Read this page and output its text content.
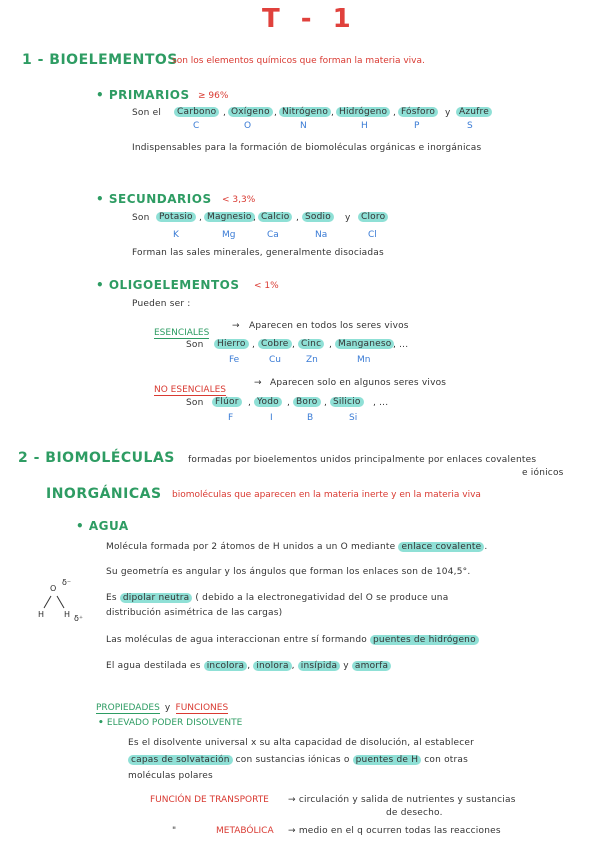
T - 1
1 - BIOELEMENTOS
son los elementos químicos que forman la materia viva.
• PRIMARIOS ≥ 96%
Son el	Carbono , Oxígeno , Nitrógeno , Hidrógeno , Fósforo	y Azufre
C	O	N	H	P	S
Indispensables para la formación de biomoléculas orgánicas e inorgánicas
• SECUNDARIOS < 3,3%
Son	Potasio , Magnesio , Calcio , Sodio	y	Cloro
K	Mg	Ca	Na	Cl
Forman las sales minerales, generalmente disociadas
• OLIGOELEMENTOS < 1%
Pueden ser :
ESENCIALES
→ Aparecen en todos los seres vivos
Son	Hierro , Cobre , Cinc , Manganeso , ...
Fe	Cu	Zn	Mn
NO ESENCIALES
→ Aparecen solo en algunos seres vivos
Son	Flúor	, Yodo , Boro , Silicio	, ...
F	I	B	Si
2 - BIOMOLÉCULAS formadas por bioelementos unidos principalmente por enlaces covalentes
e iónicos
INORGÁNICAS biomoléculas que aparecen en la materia inerte y en la materia viva
• AGUA
Molécula formada por 2 átomos de H unidos a un O mediante enlace covalente .
Su geometría es angular y los ángulos que forman los enlaces son de 104,5°.
Es dipolar neutra ( debido a la electronegatividad del O se produce una
distribución asimétrica de las cargas)
Las moléculas de agua interaccionan entre sí formando puentes de hidrógeno
El agua destilada es incolora , inolora , insípida y amorfa
O
δ⁻
H H δ⁺
PROPIEDADES y FUNCIONES
• ELEVADO PODER DISOLVENTE
Es el disolvente universal x su alta capacidad de disolución, al establecer
capas de solvatación con sustancias iónicas o puentes de H con otras
moléculas polares
FUNCIÓN DE TRANSPORTE → circulación y salida de nutrientes y sustancias
de desecho.
"	METABÓLICA → medio en el q ocurren todas las reacciones
